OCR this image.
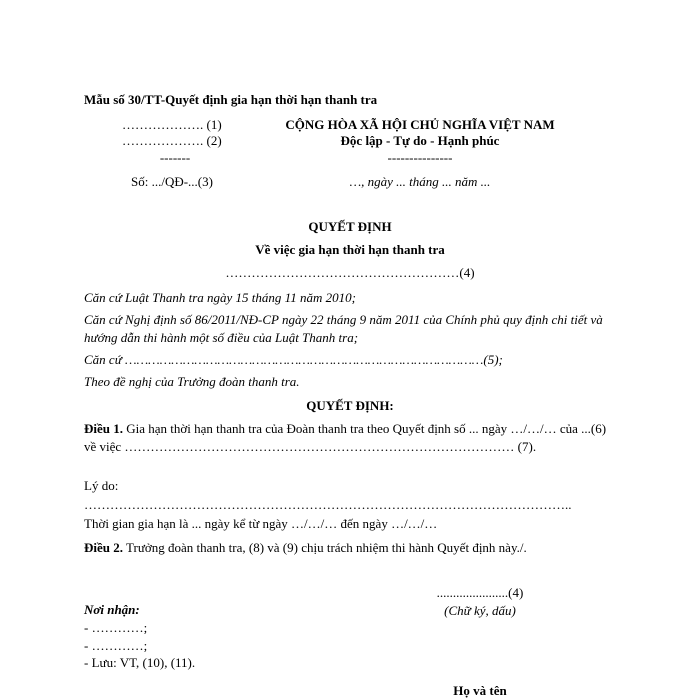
Mẫu số 30/TT-Quyết định gia hạn thời hạn thanh tra
………………. (1)
………………. (2)
-------
Số: .../QĐ-...(3)
CỘNG HÒA XÃ HỘI CHỦ NGHĨA VIỆT NAM
Độc lập - Tự do - Hạnh phúc
---------------
…, ngày ... tháng ... năm ...
QUYẾT ĐỊNH
Về việc gia hạn thời hạn thanh tra
………………………………………………(4)
Căn cứ Luật Thanh tra ngày 15 tháng 11 năm 2010;
Căn cứ Nghị định số 86/2011/NĐ-CP ngày 22 tháng 9 năm 2011 của Chính phủ quy định chi tiết và hướng dẫn thi hành một số điều của Luật Thanh tra;
Căn cứ …………………………………………………………………………………(5);
Theo đề nghị của Trưởng đoàn thanh tra.
QUYẾT ĐỊNH:
Điều 1. Gia hạn thời hạn thanh tra của Đoàn thanh tra theo Quyết định số ... ngày …/…/… của ...(6) về việc ……………………………………………………………………………… (7).
Lý do:
…………………………………………………………………………………………………..
Thời gian gia hạn là ... ngày kể từ ngày …/…/… đến ngày …/…/…
Điều 2. Trưởng đoàn thanh tra, (8) và (9) chịu trách nhiệm thi hành Quyết định này./.
Nơi nhận:
- …………;
- …………;
- Lưu: VT, (10), (11).
......................(4)
(Chữ ký, dấu)
Họ và tên
